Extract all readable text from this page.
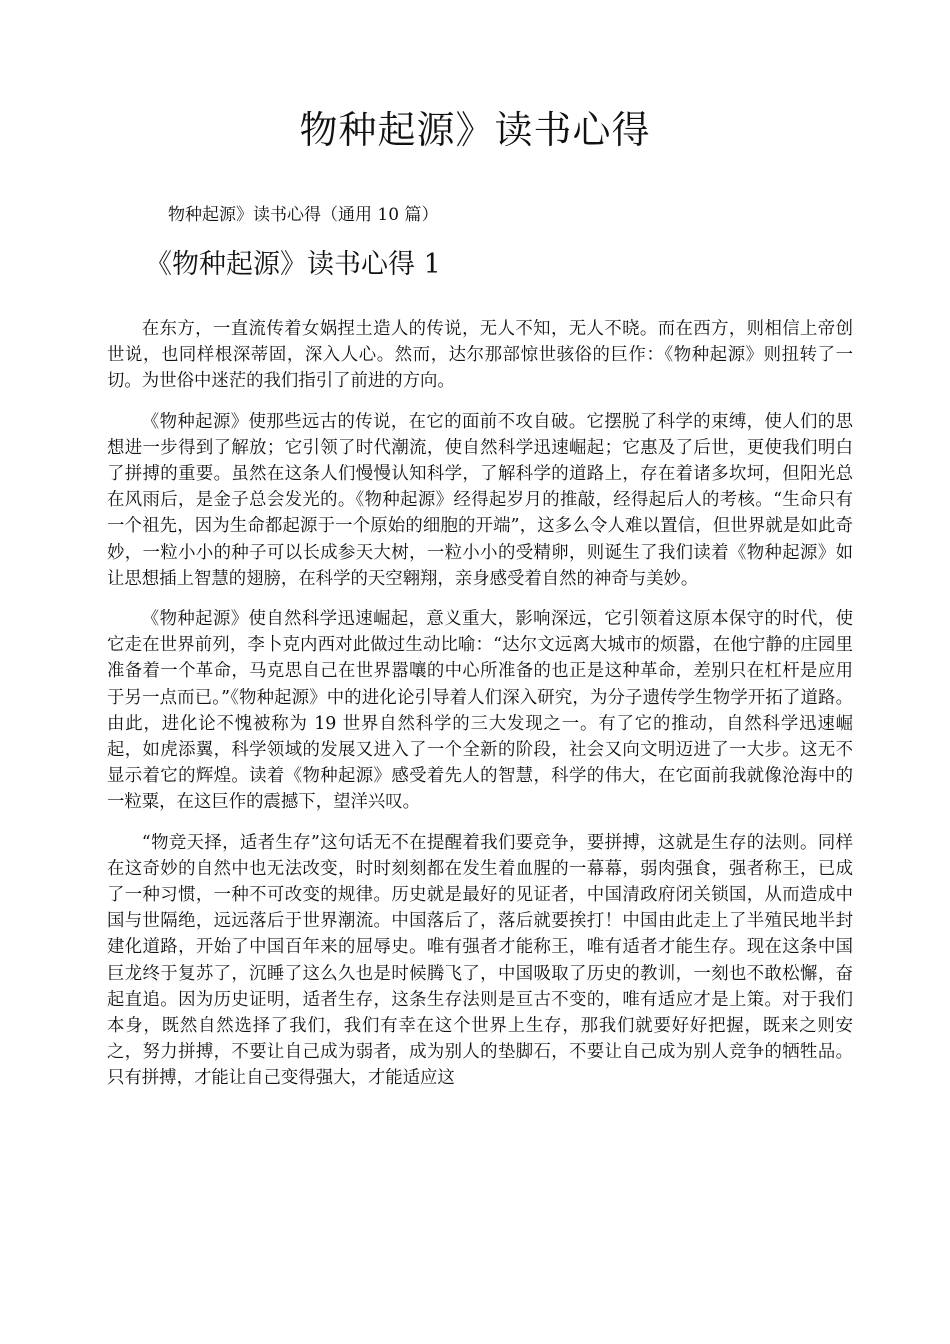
物种起源》读书心得
物种起源》读书心得（通用 10 篇）
《物种起源》读书心得 1

在东方，一直流传着女娲捏土造人的传说，无人不知，无人不晓。而在西方，则相信上帝创世说，也同样根深蒂固，深入人心。然而，达尔那部惊世骇俗的巨作：《物种起源》则扭转了一切。为世俗中迷茫的我们指引了前进的方向。

《物种起源》使那些远古的传说，在它的面前不攻自破。它摆脱了科学的束缚，使人们的思想进一步得到了解放；它引领了时代潮流，使自然科学迅速崛起；它惠及了后世，更使我们明白了拼搏的重要。虽然在这条人们慢慢认知科学，了解科学的道路上，存在着诸多坎坷，但阳光总在风雨后，是金子总会发光的。《物种起源》经得起岁月的推敲，经得起后人的考核。“生命只有一个祖先，因为生命都起源于一个原始的细胞的开端”，这多么令人难以置信，但世界就是如此奇妙，一粒小小的种子可以长成参天大树，一粒小小的受精卵，则诞生了我们读着《物种起源》如让思想插上智慧的翅膀，在科学的天空翱翔，亲身感受着自然的神奇与美妙。

《物种起源》使自然科学迅速崛起，意义重大，影响深远，它引领着这原本保守的时代，使它走在世界前列，李卜克内西对此做过生动比喻：“达尔文远离大城市的烦嚣，在他宁静的庄园里准备着一个革命，马克思自己在世界嚣嚷的中心所准备的也正是这种革命，差别只在杠杆是应用于另一点而已。”《物种起源》中的进化论引导着人们深入研究，为分子遗传学生物学开拓了道路。由此，进化论不愧被称为 19 世界自然科学的三大发现之一。有了它的推动，自然科学迅速崛起，如虎添翼，科学领域的发展又进入了一个全新的阶段，社会又向文明迈进了一大步。这无不显示着它的辉煌。读着《物种起源》感受着先人的智慧，科学的伟大，在它面前我就像沧海中的一粒粟，在这巨作的震撼下，望洋兴叹。

“物竞天择，适者生存”这句话无不在提醒着我们要竞争，要拼搏，这就是生存的法则。同样在这奇妙的自然中也无法改变，时时刻刻都在发生着血腥的一幕幕，弱肉强食，强者称王，已成了一种习惯，一种不可改变的规律。历史就是最好的见证者，中国清政府闭关锁国，从而造成中国与世隔绝，远远落后于世界潮流。中国落后了，落后就要挨打！中国由此走上了半殖民地半封建化道路，开始了中国百年来的屈辱史。唯有强者才能称王，唯有适者才能生存。现在这条中国巨龙终于复苏了，沉睡了这么久也是时候腾飞了，中国吸取了历史的教训，一刻也不敢松懈，奋起直追。因为历史证明，适者生存，这条生存法则是亘古不变的，唯有适应才是上策。对于我们本身，既然自然选择了我们，我们有幸在这个世界上生存，那我们就要好好把握，既来之则安之，努力拼搏，不要让自己成为弱者，成为别人的垫脚石，不要让自己成为别人竞争的牺牲品。只有拼搏，才能让自己变得强大，才能适应这
